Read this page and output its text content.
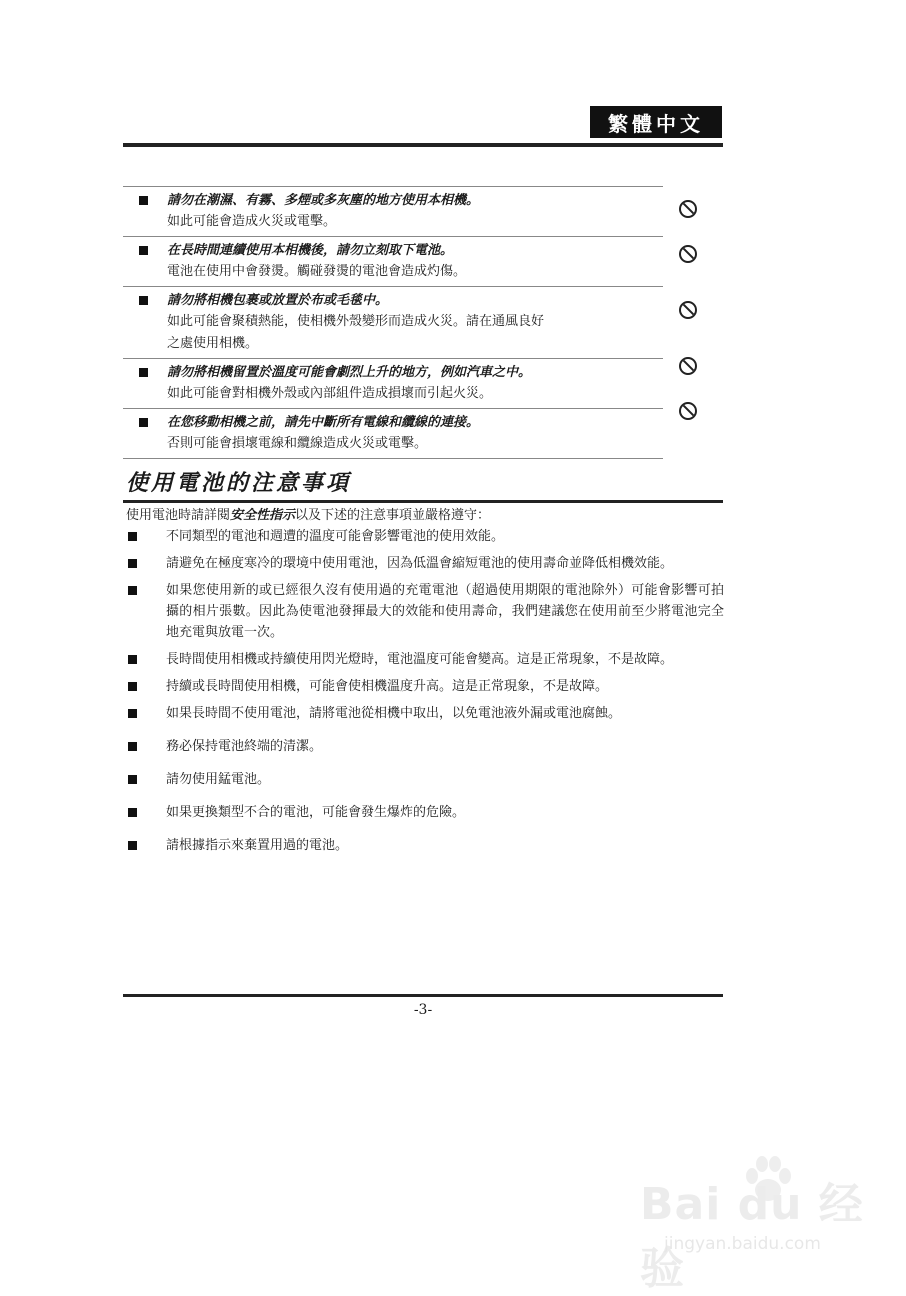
繁體中文
請勿在潮濕、有霧、多煙或多灰塵的地方使用本相機。
如此可能會造成火災或電擊。
在長時間連續使用本相機後，請勿立刻取下電池。
電池在使用中會發燙。觸碰發燙的電池會造成灼傷。
請勿將相機包裹或放置於布或毛毯中。
如此可能會聚積熱能，使相機外殼變形而造成火災。請在通風良好
之處使用相機。
請勿將相機留置於溫度可能會劇烈上升的地方，例如汽車之中。
如此可能會對相機外殼或內部組件造成損壞而引起火災。
在您移動相機之前，請先中斷所有電線和纜線的連接。
否則可能會損壞電線和纜線造成火災或電擊。
使用電池的注意事項
使用電池時請詳閱安全性指示以及下述的注意事項並嚴格遵守：
不同類型的電池和週遭的溫度可能會影響電池的使用效能。
請避免在極度寒冷的環境中使用電池，因為低溫會縮短電池的使用壽命並降低相機效能。
如果您使用新的或已經很久沒有使用過的充電電池（超過使用期限的電池除外）可能會影響可拍攝的相片張數。因此為使電池發揮最大的效能和使用壽命，我們建議您在使用前至少將電池完全地充電與放電一次。
長時間使用相機或持續使用閃光燈時，電池溫度可能會變高。這是正常現象，不是故障。
持續或長時間使用相機，可能會使相機溫度升高。這是正常現象，不是故障。
如果長時間不使用電池，請將電池從相機中取出，以免電池液外漏或電池腐蝕。
務必保持電池終端的清潔。
請勿使用錳電池。
如果更換類型不合的電池，可能會發生爆炸的危險。
請根據指示來棄置用過的電池。
-3-
Bai du 经验
jingyan.baidu.com
